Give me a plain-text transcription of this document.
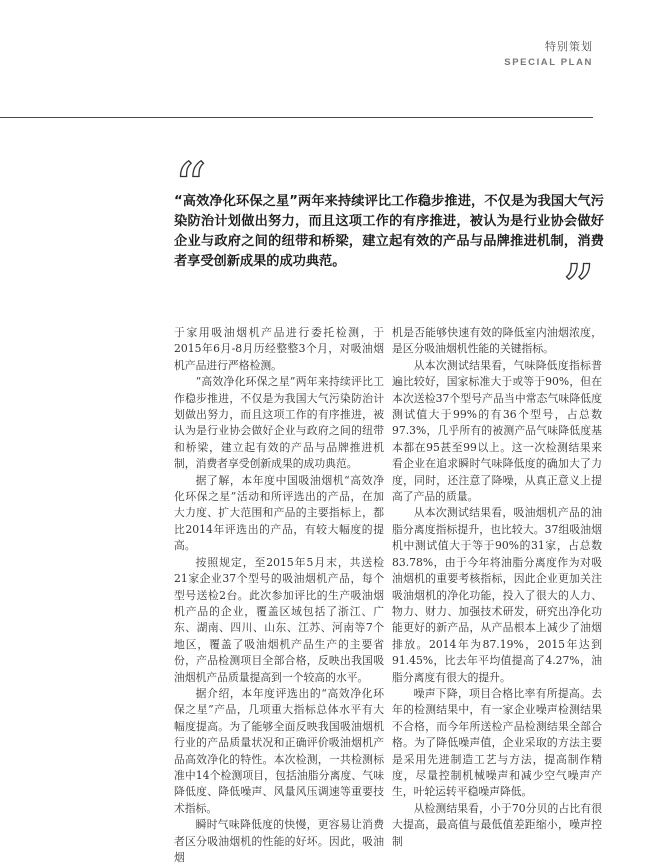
特别策划
SPECIAL PLAN
“
“高效净化环保之星”两年来持续评比工作稳步推进，不仅是为我国大气污染防治计划做出努力，而且这项工作的有序推进，被认为是行业协会做好企业与政府之间的纽带和桥梁，建立起有效的产品与品牌推进机制，消费者享受创新成果的成功典范。	”

于家用吸油烟机产品进行委托检测，于2015年6月-8月历经整整3个月，对吸油烟机产品进行严格检测。

“高效净化环保之星”两年来持续评比工作稳步推进，不仅是为我国大气污染防治计划做出努力，而且这项工作的有序推进，被认为是行业协会做好企业与政府之间的纽带和桥梁，建立起有效的产品与品牌推进机制，消费者享受创新成果的成功典范。

据了解，本年度中国吸油烟机“高效净化环保之星”活动和所评选出的产品，在加大力度、扩大范围和产品的主要指标上，都比2014年评选出的产品，有较大幅度的提高。

按照规定，至2015年5月末，共送检21家企业37个型号的吸油烟机产品，每个型号送检2台。此次参加评比的生产吸油烟机产品的企业，覆盖区域包括了浙江、广东、湖南、四川、山东、江苏、河南等7个地区，覆盖了吸油烟机产品生产的主要省份，产品检测项目全部合格，反映出我国吸油烟机产品质量提高到一个较高的水平。

据介绍，本年度评选出的“高效净化环保之星”产品，几项重大指标总体水平有大幅度提高。为了能够全面反映我国吸油烟机行业的产品质量状况和正确评价吸油烟机产品高效净化的特性。本次检测，一共检测标准中14个检测项目，包括油脂分离度、气味降低度、降低噪声、风量风压调速等重要技术指标。

瞬时气味降低度的快慢，更容易让消费者区分吸油烟机的性能的好坏。因此，吸油烟

机是否能够快速有效的降低室内油烟浓度，是区分吸油烟机性能的关键指标。

从本次测试结果看，气味降低度指标普遍比较好，国家标准大于或等于90%，但在本次送检37个型号产品当中常态气味降低度测试值大于99%的有36个型号，占总数97.3%，几乎所有的被测产品气味降低度基本都在95甚至99以上。这一次检测结果来看企业在追求瞬时气味降低度的确加大了力度，同时，还注意了降噪，从真正意义上提高了产品的质量。

从本次测试结果看，吸油烟机产品的油脂分离度指标提升，也比较大。37组吸油烟机中测试值大于等于90%的31家，占总数83.78%，由于今年将油脂分离度作为对吸油烟机的重要考核指标，因此企业更加关注吸油烟机的净化功能，投入了很大的人力、物力、财力、加强技术研发，研究出净化功能更好的新产品，从产品根本上减少了油烟排放。2014年为87.19%，2015年达到91.45%，比去年平均值提高了4.27%，油脂分离度有很大的提升。

噪声下降，项目合格比率有所提高。去年的检测结果中，有一家企业噪声检测结果不合格，而今年所送检产品检测结果全部合格。为了降低噪声值，企业采取的方法主要是采用先进制造工艺与方法，提高制作精度，尽量控制机械噪声和减少空气噪声产生，叶轮运转平稳噪声降低。

从检测结果看，小于70分贝的占比有很大提高，最高值与最低值差距缩小，噪声控制
